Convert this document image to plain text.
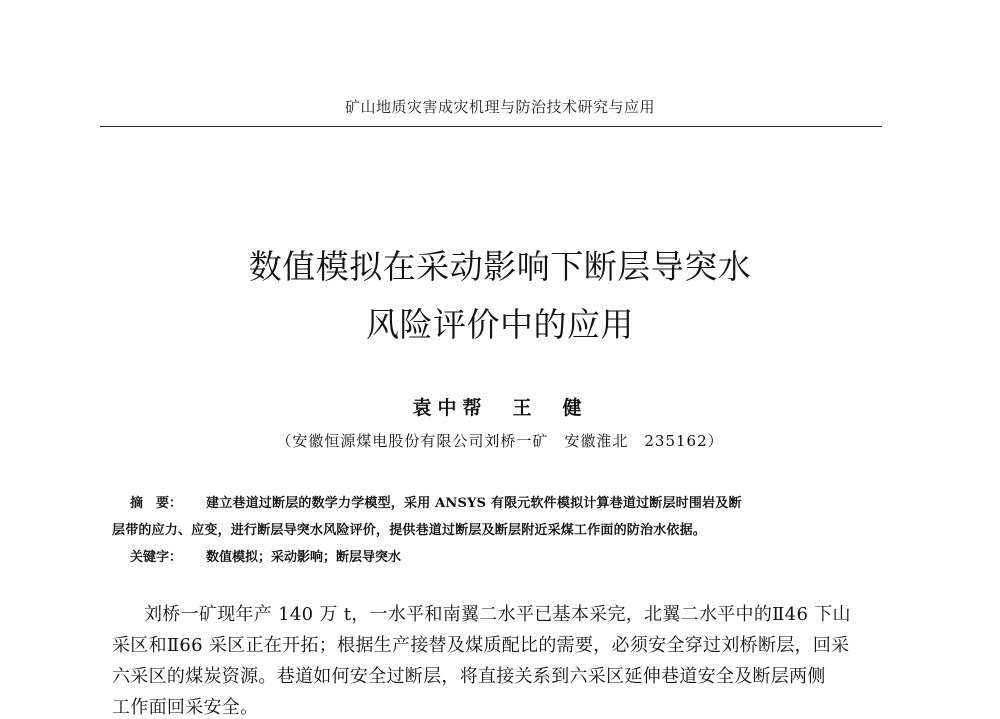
矿山地质灾害成灾机理与防治技术研究与应用
数值模拟在采动影响下断层导突水
风险评价中的应用
袁中帮　王　健
（安徽恒源煤电股份有限公司刘桥一矿　安徽淮北　235162）
摘　要： 建立巷道过断层的数学力学模型，采用 ANSYS 有限元软件模拟计算巷道过断层时围岩及断
层带的应力、应变，进行断层导突水风险评价，提供巷道过断层及断层附近采煤工作面的防治水依据。
关键字： 数值模拟；采动影响；断层导突水
刘桥一矿现年产 140 万 t，一水平和南翼二水平已基本采完，北翼二水平中的Ⅱ46 下山
采区和Ⅱ66 采区正在开拓；根据生产接替及煤质配比的需要，必须安全穿过刘桥断层，回采
六采区的煤炭资源。巷道如何安全过断层，将直接关系到六采区延伸巷道安全及断层两侧
工作面回采安全。
